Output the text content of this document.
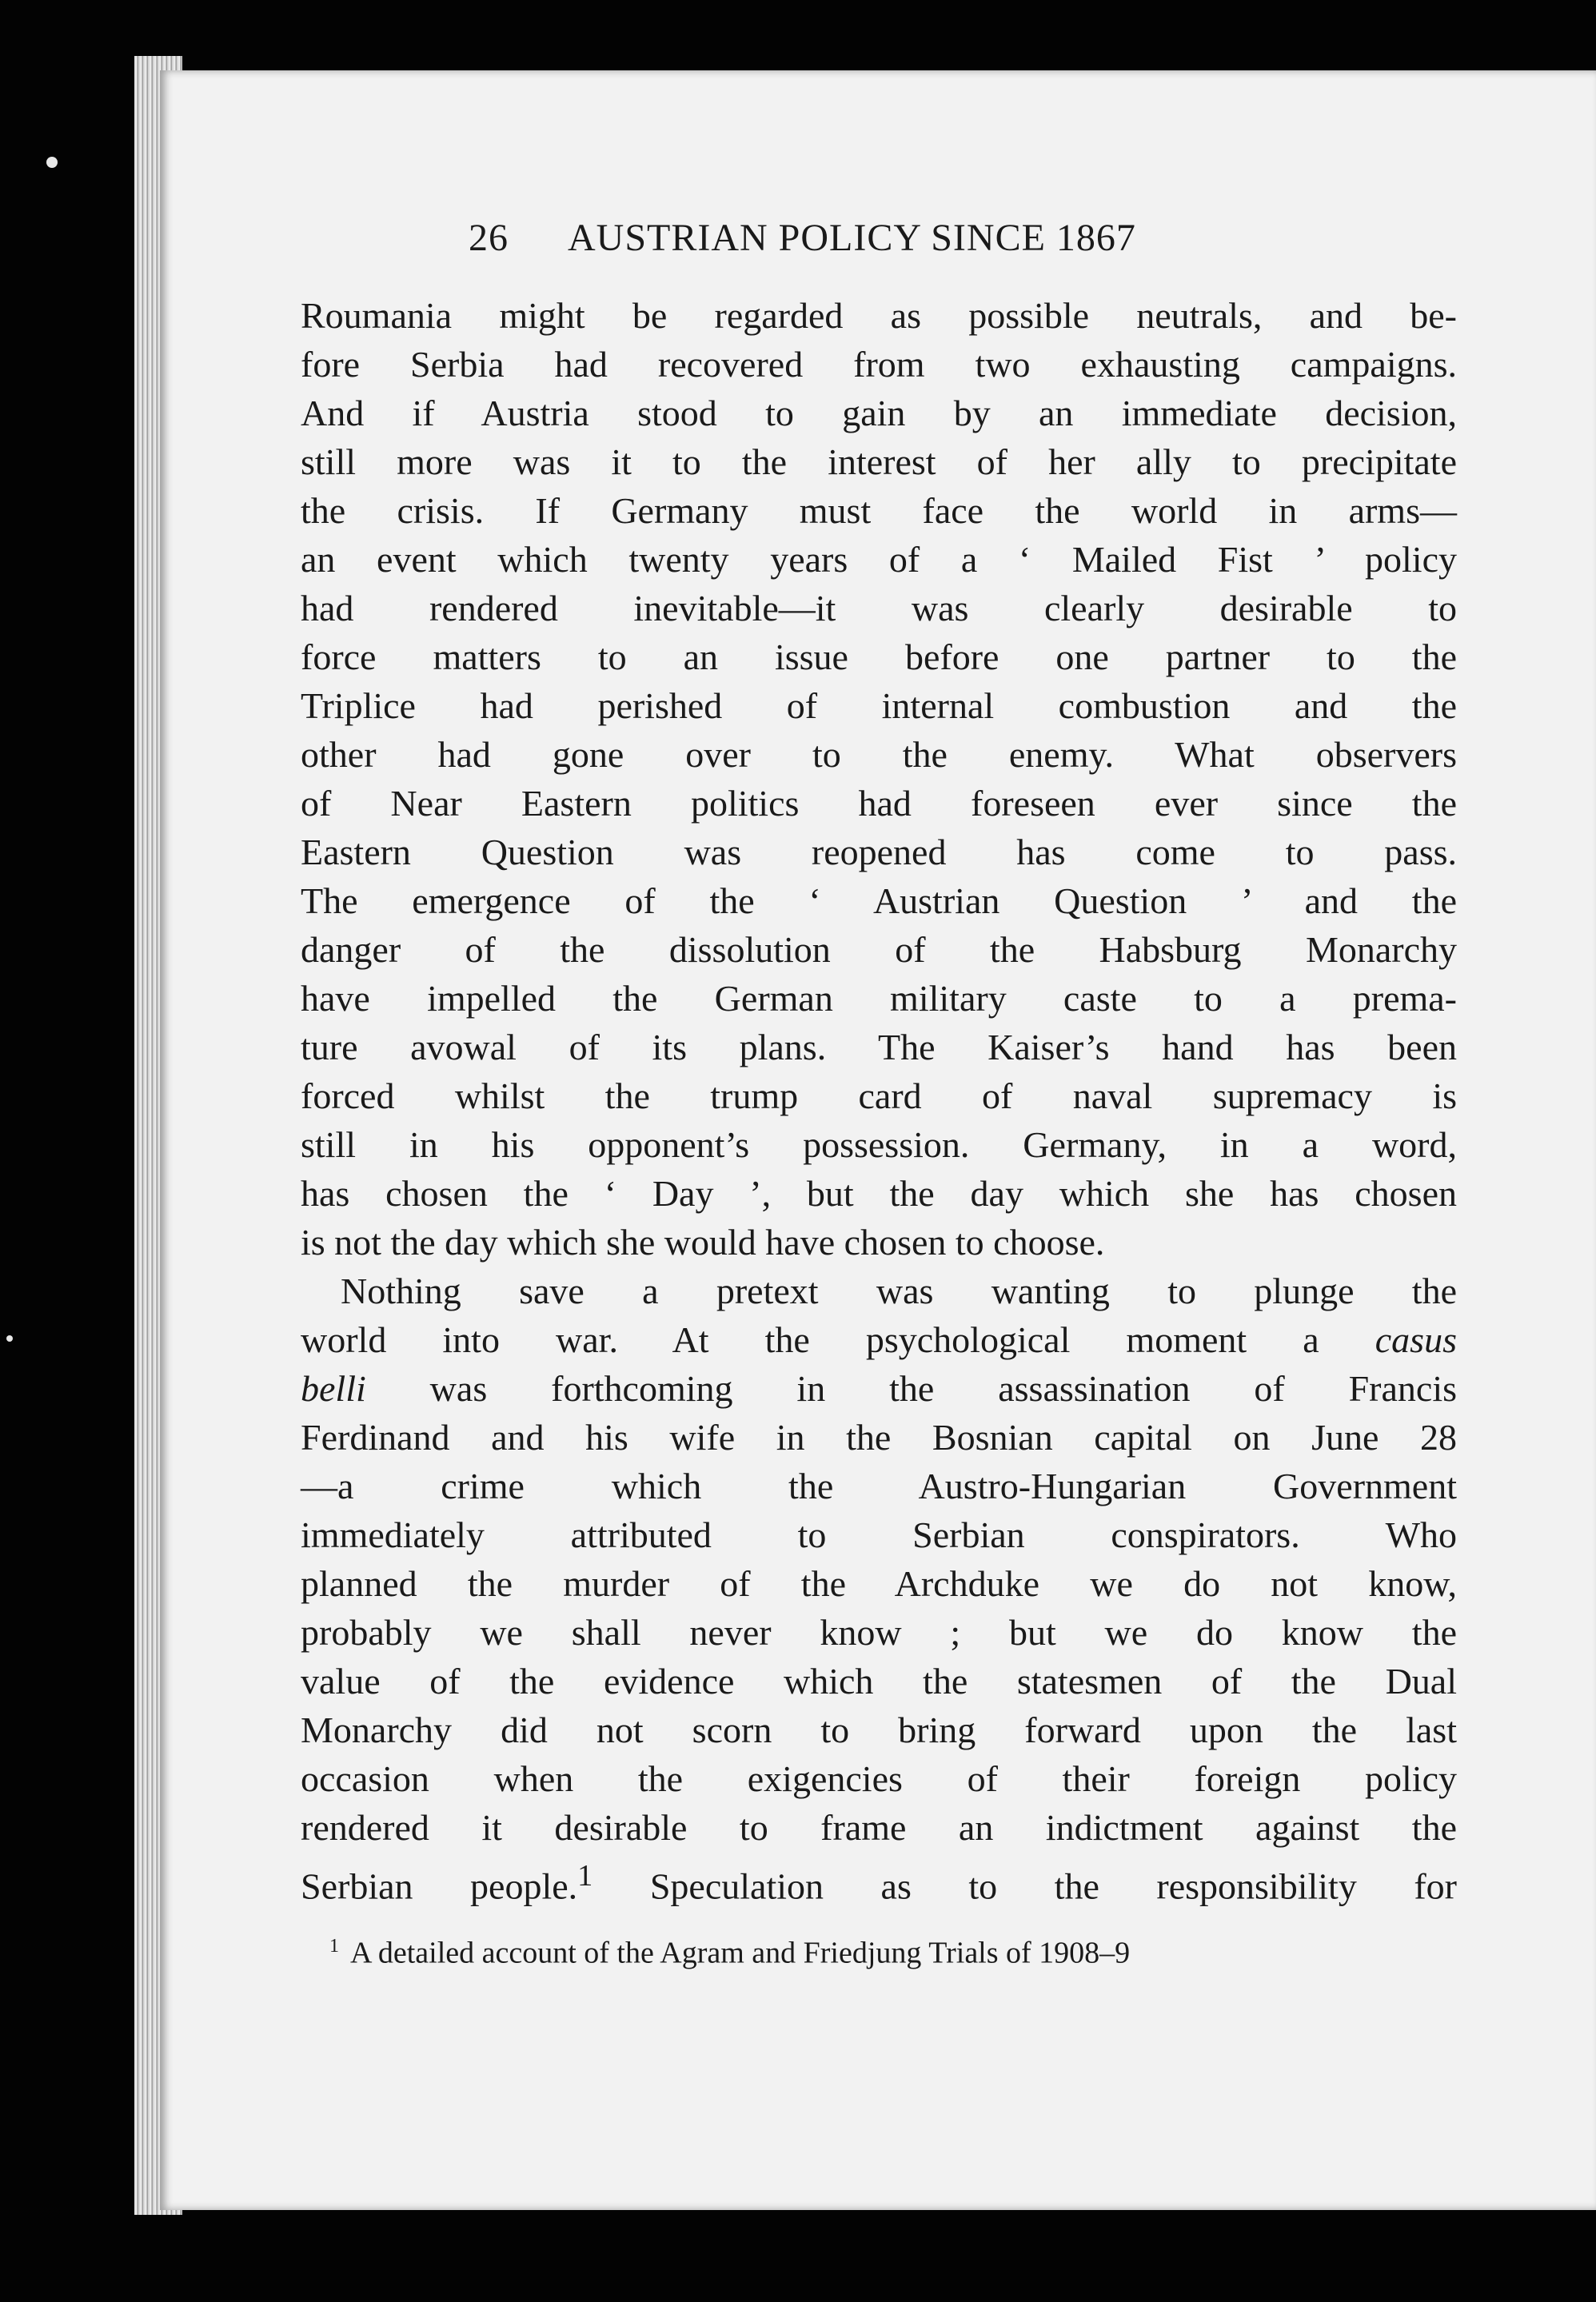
26	AUSTRIAN POLICY SINCE 1867
Roumania might be regarded as possible neutrals, and be-
fore Serbia had recovered from two exhausting campaigns.
And if Austria stood to gain by an immediate decision,
still more was it to the interest of her ally to precipitate
the crisis. If Germany must face the world in arms—
an event which twenty years of a ‘ Mailed Fist ’ policy
had rendered inevitable—it was clearly desirable to
force matters to an issue before one partner to the
Triplice had perished of internal combustion and the
other had gone over to the enemy. What observers
of Near Eastern politics had foreseen ever since the
Eastern Question was reopened has come to pass.
The emergence of the ‘ Austrian Question ’ and the
danger of the dissolution of the Habsburg Monarchy
have impelled the German military caste to a prema-
ture avowal of its plans. The Kaiser’s hand has been
forced whilst the trump card of naval supremacy is
still in his opponent’s possession. Germany, in a word,
has chosen the ‘ Day ’, but the day which she has chosen
is not the day which she would have chosen to choose.
Nothing save a pretext was wanting to plunge the
world into war. At the psychological moment a casus
belli was forthcoming in the assassination of Francis
Ferdinand and his wife in the Bosnian capital on June 28
—a crime which the Austro-Hungarian Government
immediately attributed to Serbian conspirators. Who
planned the murder of the Archduke we do not know,
probably we shall never know ; but we do know the
value of the evidence which the statesmen of the Dual
Monarchy did not scorn to bring forward upon the last
occasion when the exigencies of their foreign policy
rendered it desirable to frame an indictment against the
Serbian people.$^1$ Speculation as to the responsibility for
$^1$ A detailed account of the Agram and Friedjung Trials of 1908–9
